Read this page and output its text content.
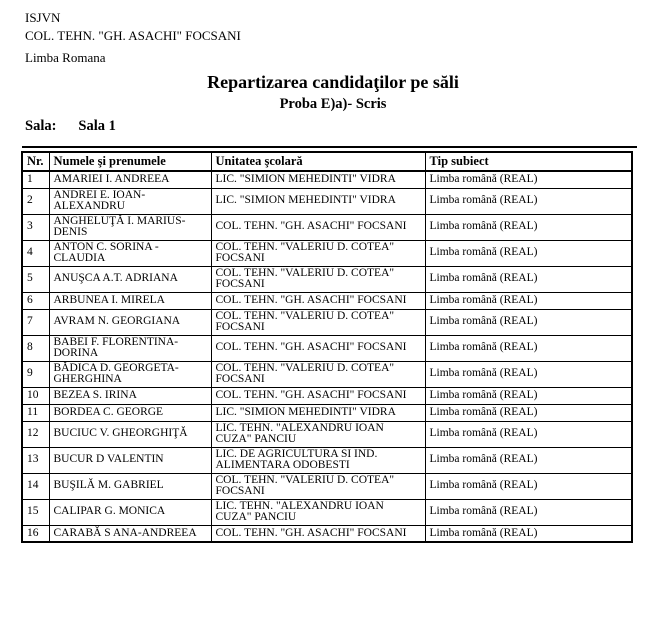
ISJVN
COL. TEHN. "GH. ASACHI" FOCSANI
Limba Romana
Repartizarea candidaţilor pe săli
Proba E)a)- Scris
Sala: Sala 1
Nr.	Numele şi prenumele	Unitatea şcolară	Tip subiect
1	AMARIEI I. ANDREEA	LIC. "SIMION MEHEDINTI" VIDRA	Limba română (REAL)
2	ANDREI E. IOAN-ALEXANDRU	LIC. "SIMION MEHEDINTI" VIDRA	Limba română (REAL)
3	ANGHELUŢĂ I. MARIUS-DENIS	COL. TEHN. "GH. ASACHI" FOCSANI	Limba română (REAL)
4	ANTON C. SORINA - CLAUDIA	COL. TEHN. "VALERIU D. COTEA" FOCSANI	Limba română (REAL)
5	ANUŞCA A.T. ADRIANA	COL. TEHN. "VALERIU D. COTEA" FOCSANI	Limba română (REAL)
6	ARBUNEA I. MIRELA	COL. TEHN. "GH. ASACHI" FOCSANI	Limba română (REAL)
7	AVRAM N. GEORGIANA	COL. TEHN. "VALERIU D. COTEA" FOCSANI	Limba română (REAL)
8	BABEI F. FLORENTINA-DORINA	COL. TEHN. "GH. ASACHI" FOCSANI	Limba română (REAL)
9	BĂDICA D. GEORGETA-GHERGHINA	COL. TEHN. "VALERIU D. COTEA" FOCSANI	Limba română (REAL)
10	BEZEA S. IRINA	COL. TEHN. "GH. ASACHI" FOCSANI	Limba română (REAL)
11	BORDEA C. GEORGE	LIC. "SIMION MEHEDINTI" VIDRA	Limba română (REAL)
12	BUCIUC V. GHEORGHIŢĂ	LIC. TEHN. "ALEXANDRU IOAN CUZA" PANCIU	Limba română (REAL)
13	BUCUR D VALENTIN	LIC. DE AGRICULTURA SI IND. ALIMENTARA ODOBESTI	Limba română (REAL)
14	BUŞILĂ M. GABRIEL	COL. TEHN. "VALERIU D. COTEA" FOCSANI	Limba română (REAL)
15	CALIPAR G. MONICA	LIC. TEHN. "ALEXANDRU IOAN CUZA" PANCIU	Limba română (REAL)
16	CARABĂ S ANA-ANDREEA	COL. TEHN. "GH. ASACHI" FOCSANI	Limba română (REAL)
